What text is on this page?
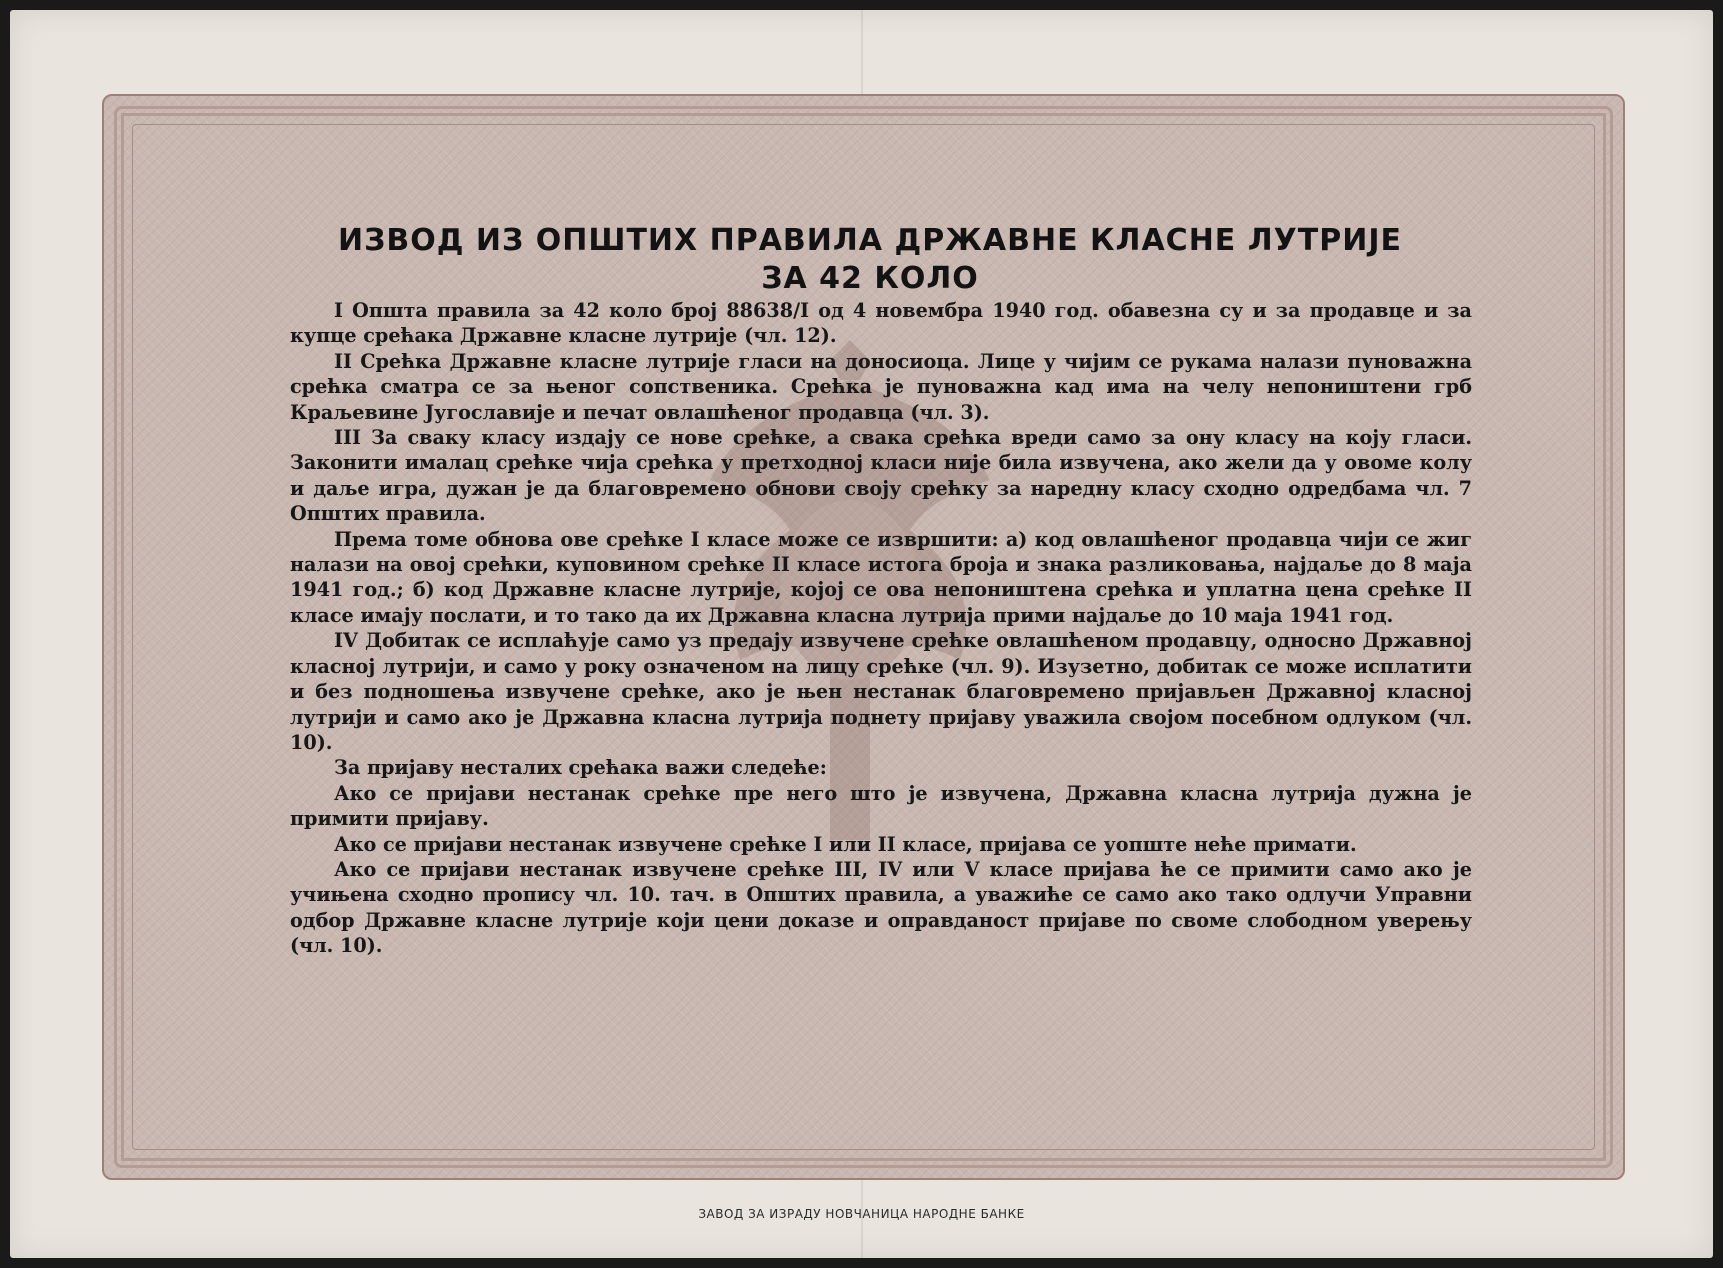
ИЗВОД ИЗ ОПШТИХ ПРАВИЛА ДРЖАВНЕ КЛАСНЕ ЛУТРИЈЕ
ЗА 42 КОЛО

I Општа правила за 42 коло број 88638/I од 4 новембра 1940 год. обавезна су и за продавце и за купце срећака Државне класне лутрије (чл. 12).

II Срећка Државне класне лутрије гласи на доносиоца. Лице у чијим се рукама налази пуноважна срећка сматра се за њеног сопственика. Срећка је пуноважна кад има на челу непоништени грб Краљевине Југославије и печат овлашћеног продавца (чл. 3).

III За сваку класу издају се нове срећке, а свака срећка вреди само за ону класу на коју гласи. Законити ималац срећке чија срећка у претходној класи није била извучена, ако жели да у овоме колу и даље игра, дужан је да благовремено обнови своју срећку за наредну класу сходно одредбама чл. 7 Општих правила.

Према томе обнова ове срећке I класе може се извршити: а) код овлашћеног продавца чији се жиг налази на овој срећки, куповином срећке II класе истога броја и знака разликовања, најдаље до 8 маја 1941 год.; б) код Државне класне лутрије, којој се ова непоништена срећка и уплатна цена срећке II класе имају послати, и то тако да их Државна класна лутрија прими најдаље до 10 маја 1941 год.

IV Добитак се исплаћује само уз предају извучене срећке овлашћеном продавцу, односно Државној класној лутрији, и само у року означеном на лицу срећке (чл. 9). Изузетно, добитак се може исплатити и без подношења извучене срећке, ако је њен нестанак благовремено пријављен Државној класној лутрији и само ако је Државна класна лутрија поднету пријаву уважила својом посебном одлуком (чл. 10).

За пријаву несталих срећака важи следеће:

Ако се пријави нестанак срећке пре него што је извучена, Државна класна лутрија дужна је примити пријаву.

Ако се пријави нестанак извучене срећке I или II класе, пријава се уопште неће примати.

Ако се пријави нестанак извучене срећке III, IV или V класе пријава ће се примити само ако је учињена сходно пропису чл. 10. тач. в Општих правила, а уважиће се само ако тако одлучи Управни одбор Државне класне лутрије који цени доказе и оправданост пријаве по своме слободном уверењу (чл. 10).

ЗАВОД ЗА ИЗРАДУ НОВЧАНИЦА НАРОДНЕ БАНКЕ
